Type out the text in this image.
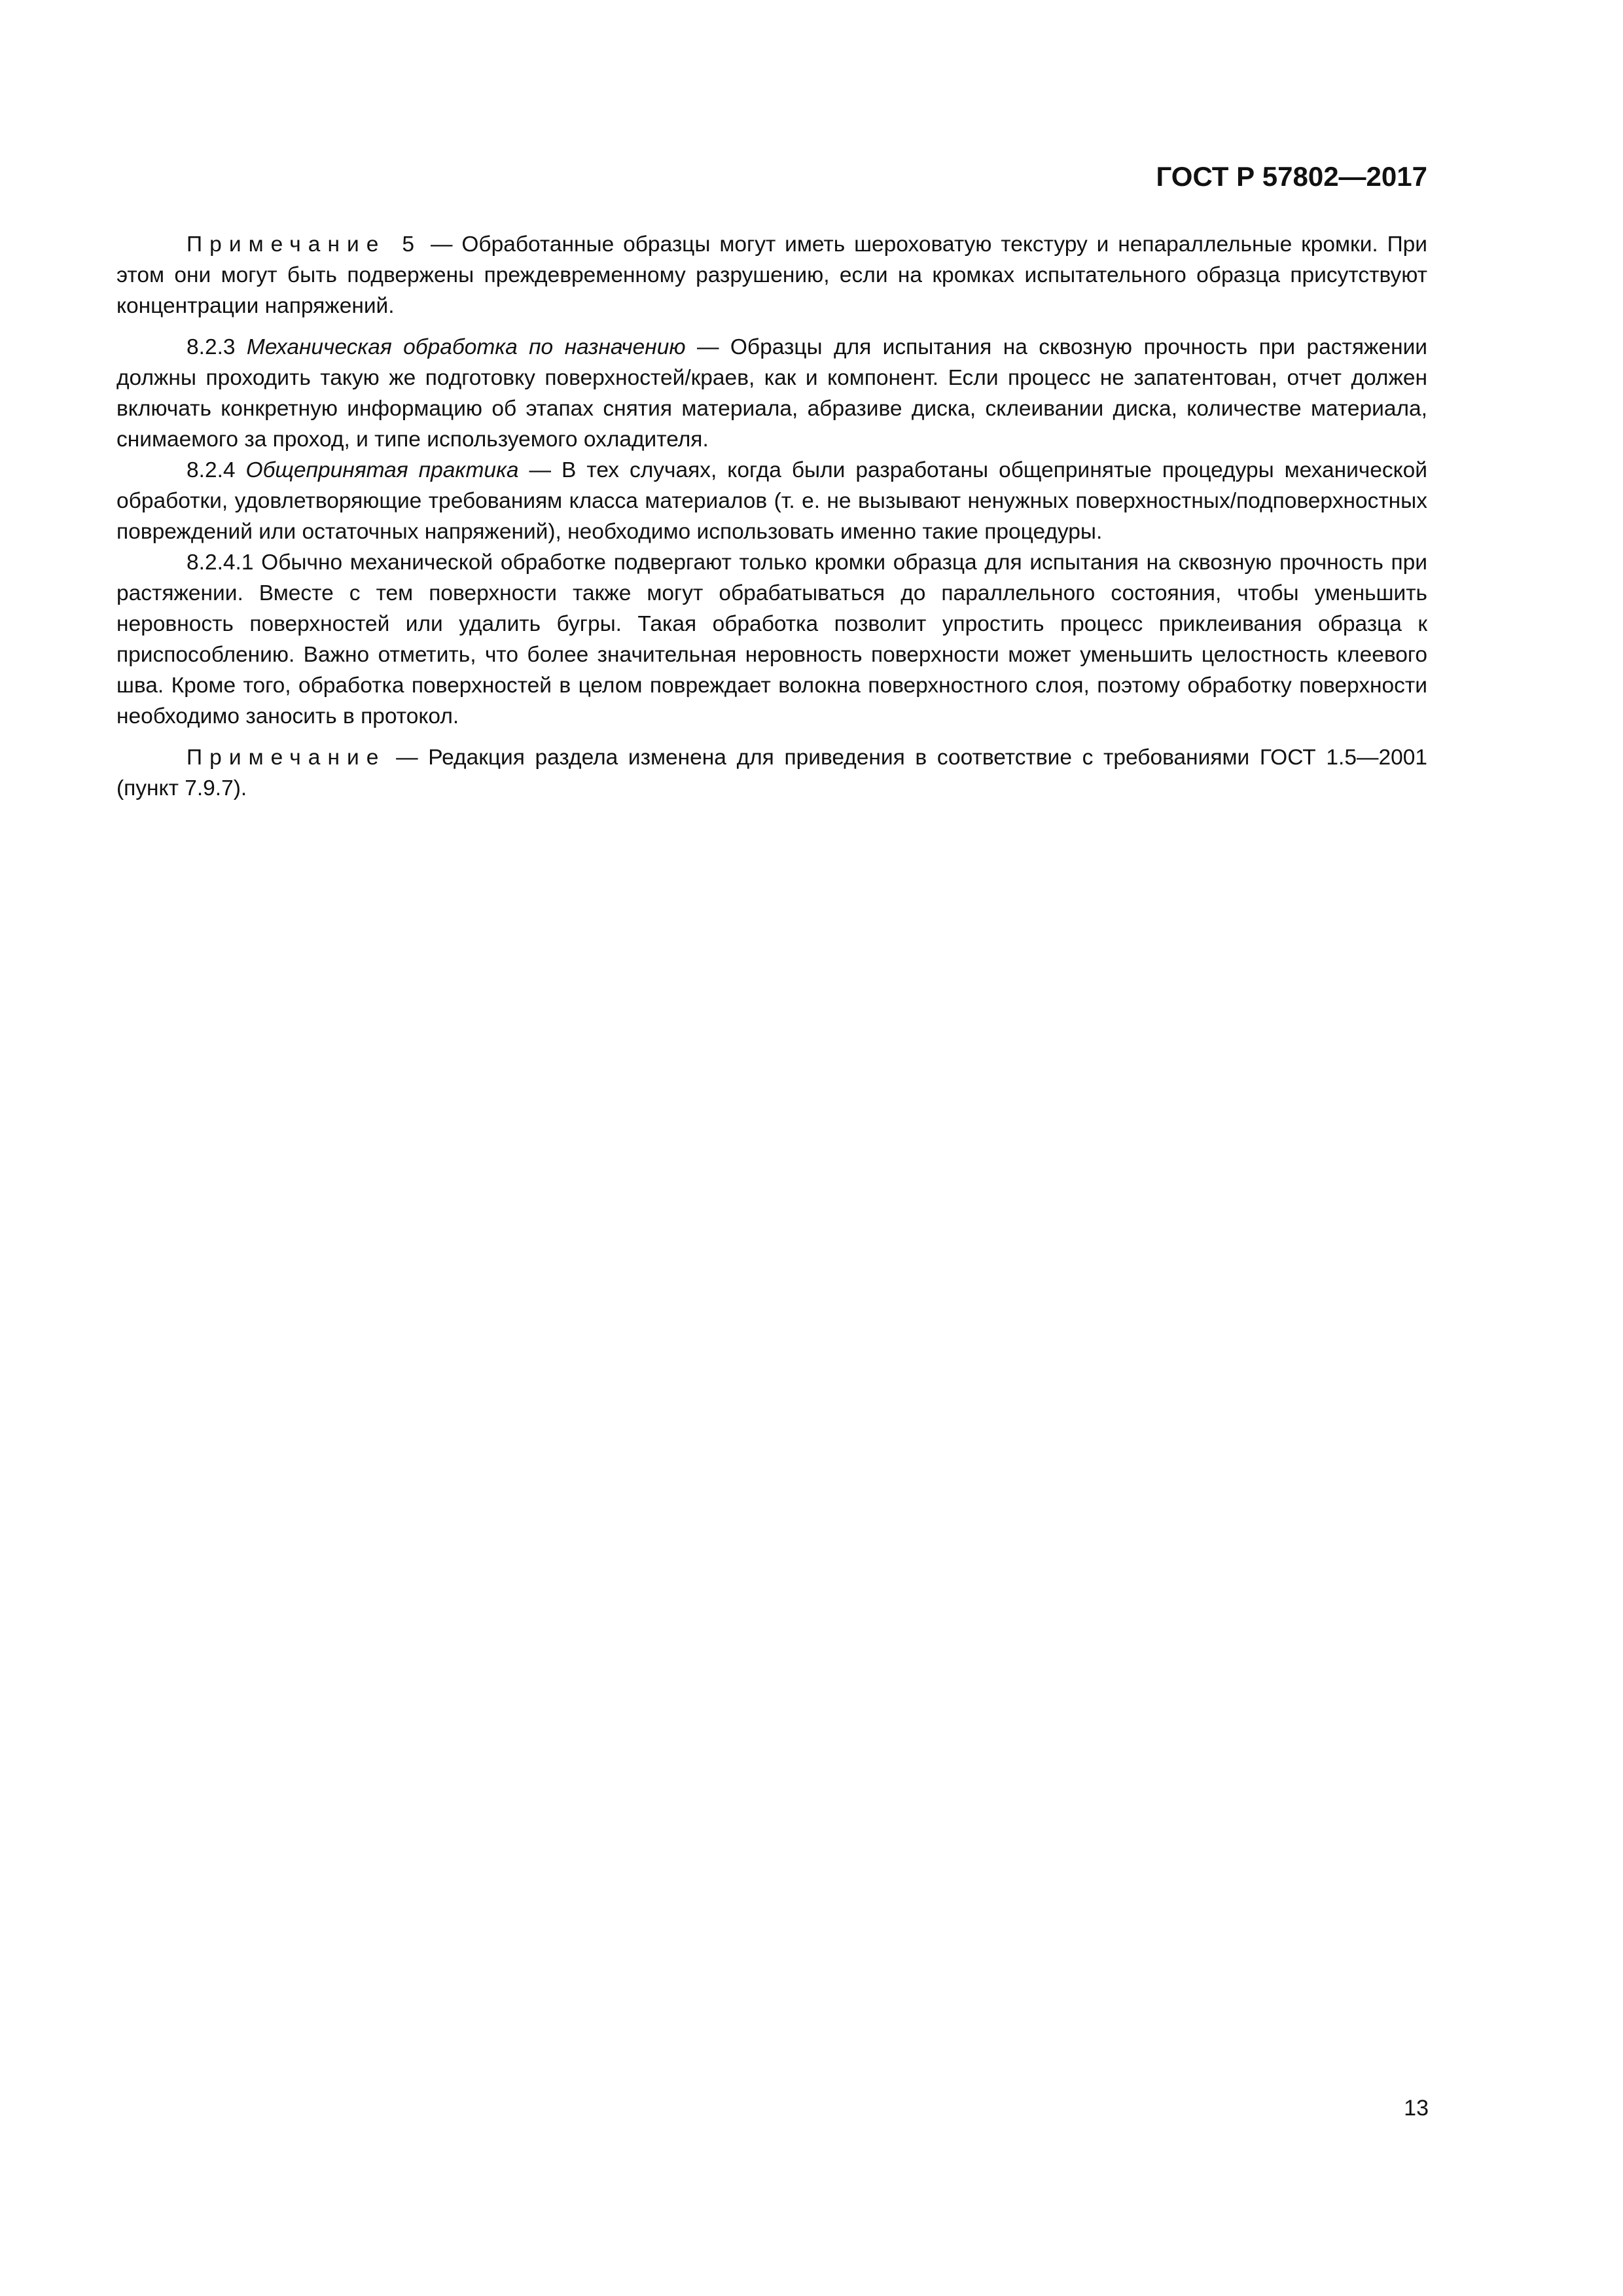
ГОСТ Р 57802—2017

Примечание 5 — Обработанные образцы могут иметь шероховатую текстуру и непараллельные кромки. При этом они могут быть подвержены преждевременному разрушению, если на кромках испытательного образца присутствуют концентрации напряжений.

8.2.3 Механическая обработка по назначению — Образцы для испытания на сквозную прочность при растяжении должны проходить такую же подготовку поверхностей/краев, как и компонент. Если процесс не запатентован, отчет должен включать конкретную информацию об этапах снятия материала, абразиве диска, склеивании диска, количестве материала, снимаемого за проход, и типе используемого охладителя.

8.2.4 Общепринятая практика — В тех случаях, когда были разработаны общепринятые процедуры механической обработки, удовлетворяющие требованиям класса материалов (т. е. не вызывают ненужных поверхностных/подповерхностных повреждений или остаточных напряжений), необходимо использовать именно такие процедуры.

8.2.4.1 Обычно механической обработке подвергают только кромки образца для испытания на сквозную прочность при растяжении. Вместе с тем поверхности также могут обрабатываться до параллельного состояния, чтобы уменьшить неровность поверхностей или удалить бугры. Такая обработка позволит упростить процесс приклеивания образца к приспособлению. Важно отметить, что более значительная неровность поверхности может уменьшить целостность клеевого шва. Кроме того, обработка поверхностей в целом повреждает волокна поверхностного слоя, поэтому обработку поверхности необходимо заносить в протокол.

Примечание — Редакция раздела изменена для приведения в соответствие с требованиями ГОСТ 1.5—2001 (пункт 7.9.7).

13
